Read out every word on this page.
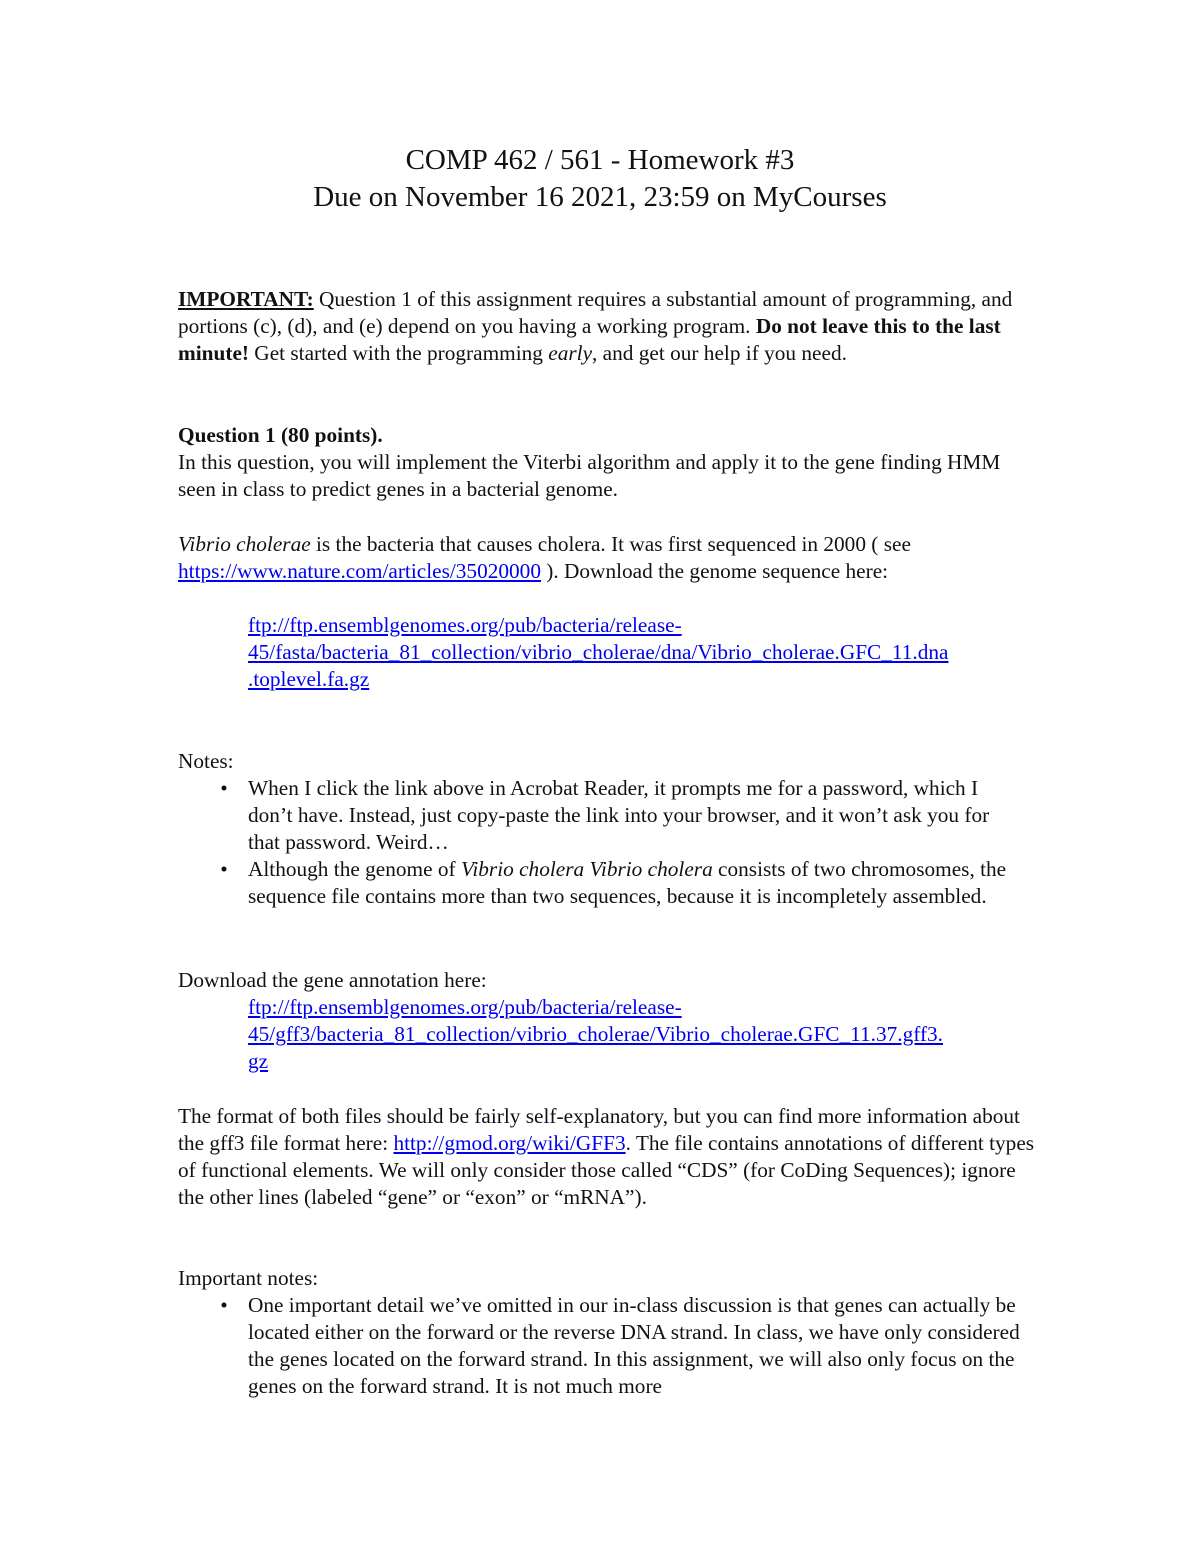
COMP 462 / 561 - Homework #3
Due on November 16 2021, 23:59 on MyCourses

IMPORTANT: Question 1 of this assignment requires a substantial amount of programming, and portions (c), (d), and (e) depend on you having a working program. Do not leave this to the last minute! Get started with the programming early, and get our help if you need.

Question 1 (80 points).

In this question, you will implement the Viterbi algorithm and apply it to the gene finding HMM seen in class to predict genes in a bacterial genome.

Vibrio cholerae is the bacteria that causes cholera. It was first sequenced in 2000 ( see https://www.nature.com/articles/35020000 ). Download the genome sequence here:

ftp://ftp.ensemblgenomes.org/pub/bacteria/release-
45/fasta/bacteria_81_collection/vibrio_cholerae/dna/Vibrio_cholerae.GFC_11.dna
.toplevel.fa.gz

Notes:

• When I click the link above in Acrobat Reader, it prompts me for a password, which I don’t have. Instead, just copy-paste the link into your browser, and it won’t ask you for that password. Weird…
• Although the genome of Vibrio cholera Vibrio cholera consists of two chromosomes, the sequence file contains more than two sequences, because it is incompletely assembled.

Download the gene annotation here:

ftp://ftp.ensemblgenomes.org/pub/bacteria/release-
45/gff3/bacteria_81_collection/vibrio_cholerae/Vibrio_cholerae.GFC_11.37.gff3.
gz

The format of both files should be fairly self-explanatory, but you can find more information about the gff3 file format here: http://gmod.org/wiki/GFF3. The file contains annotations of different types of functional elements. We will only consider those called “CDS” (for CoDing Sequences); ignore the other lines (labeled “gene” or “exon” or “mRNA”).

Important notes:

• One important detail we’ve omitted in our in-class discussion is that genes can actually be located either on the forward or the reverse DNA strand. In class, we have only considered the genes located on the forward strand. In this assignment, we will also only focus on the genes on the forward strand. It is not much more
